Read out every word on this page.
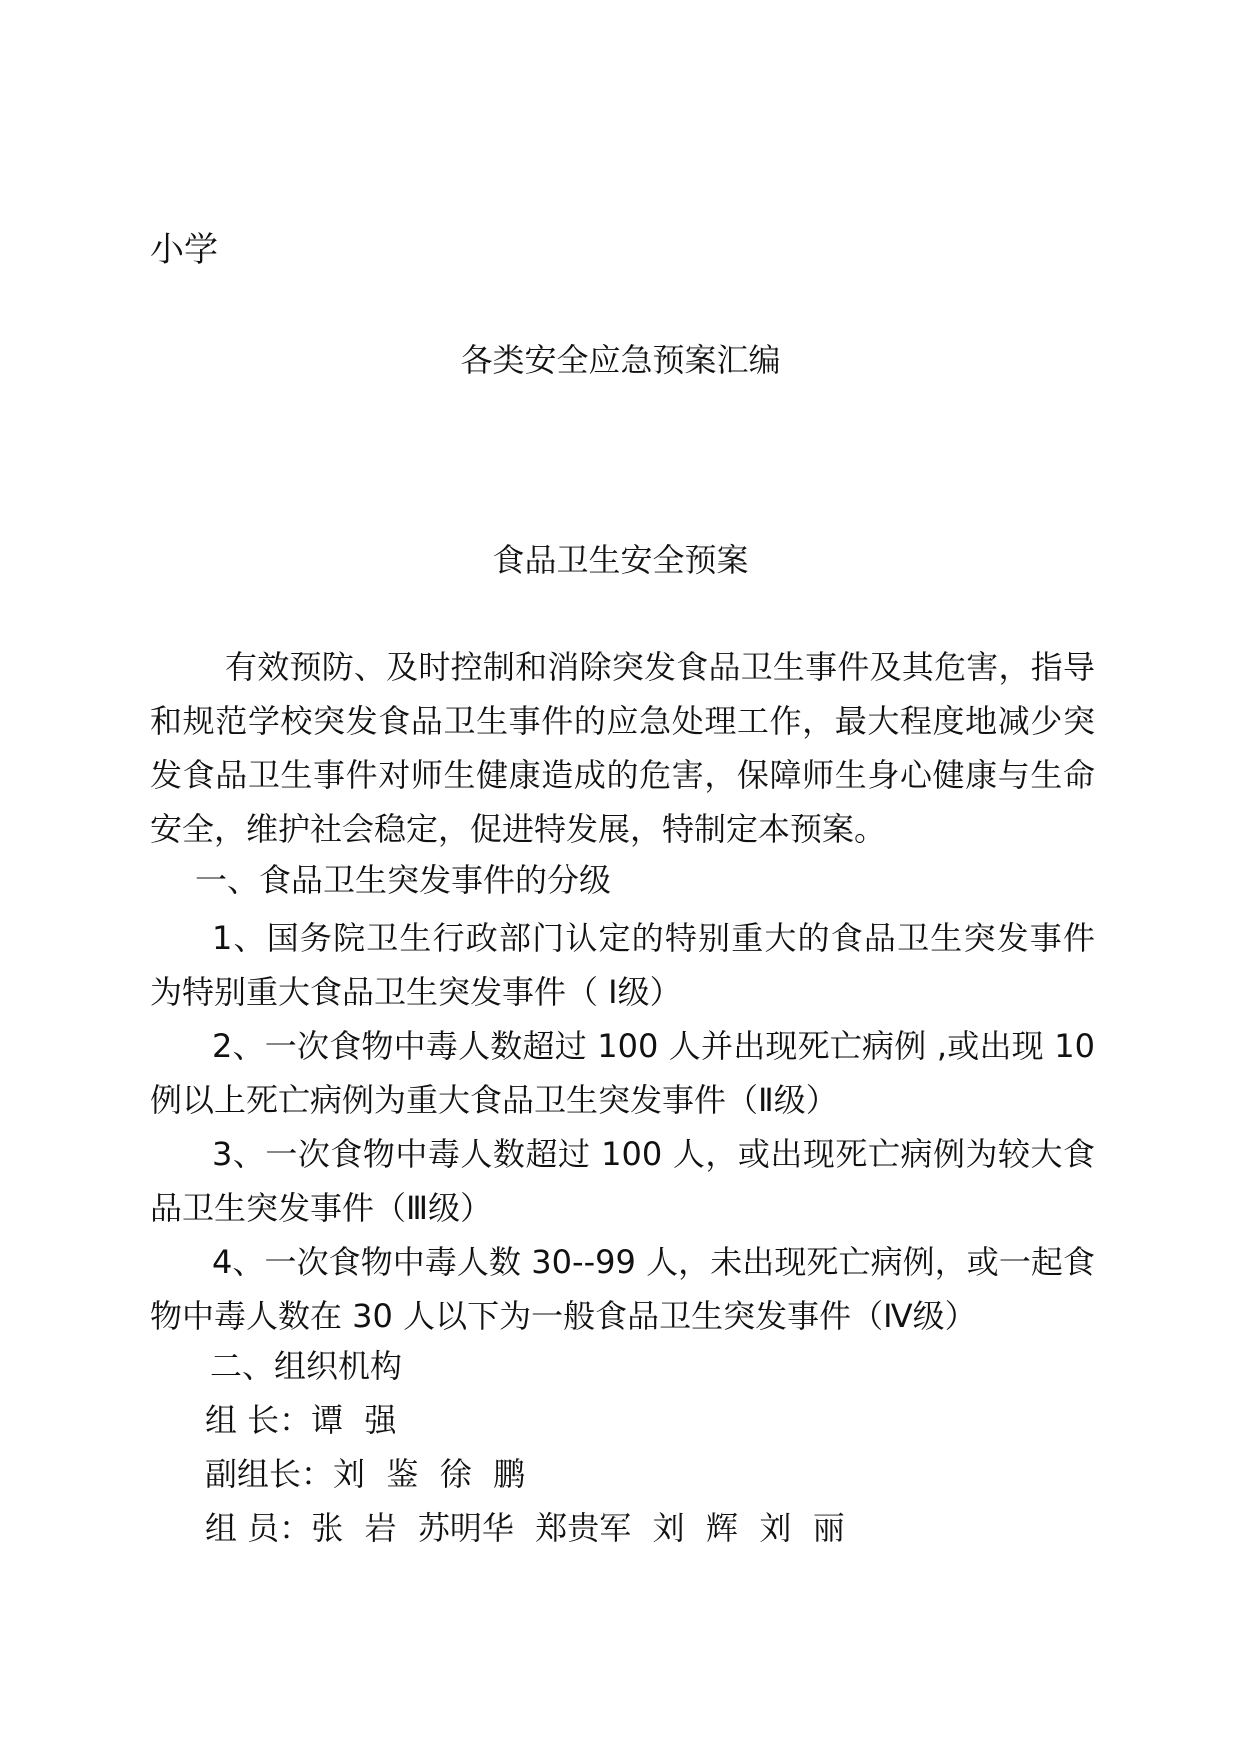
小学

各类安全应急预案汇编

食品卫生安全预案

有效预防、及时控制和消除突发食品卫生事件及其危害，指导和规范学校突发食品卫生事件的应急处理工作，最大程度地减少突发食品卫生事件对师生健康造成的危害，保障师生身心健康与生命安全，维护社会稳定，促进特发展，特制定本预案。

一、食品卫生突发事件的分级

1、国务院卫生行政部门认定的特别重大的食品卫生突发事件为特别重大食品卫生突发事件（ Ⅰ级）

2、一次食物中毒人数超过 100 人并出现死亡病例 ,或出现 10 例以上死亡病例为重大食品卫生突发事件（Ⅱ级）

3、一次食物中毒人数超过 100 人，或出现死亡病例为较大食品卫生突发事件（Ⅲ级）

4、一次食物中毒人数 30--99 人，未出现死亡病例，或一起食物中毒人数在 30 人以下为一般食品卫生突发事件（Ⅳ级）

二、组织机构

组 长：谭 强
副组长：刘 鉴 徐 鹏
组 员：张 岩 苏明华 郑贵军 刘 辉 刘 丽
